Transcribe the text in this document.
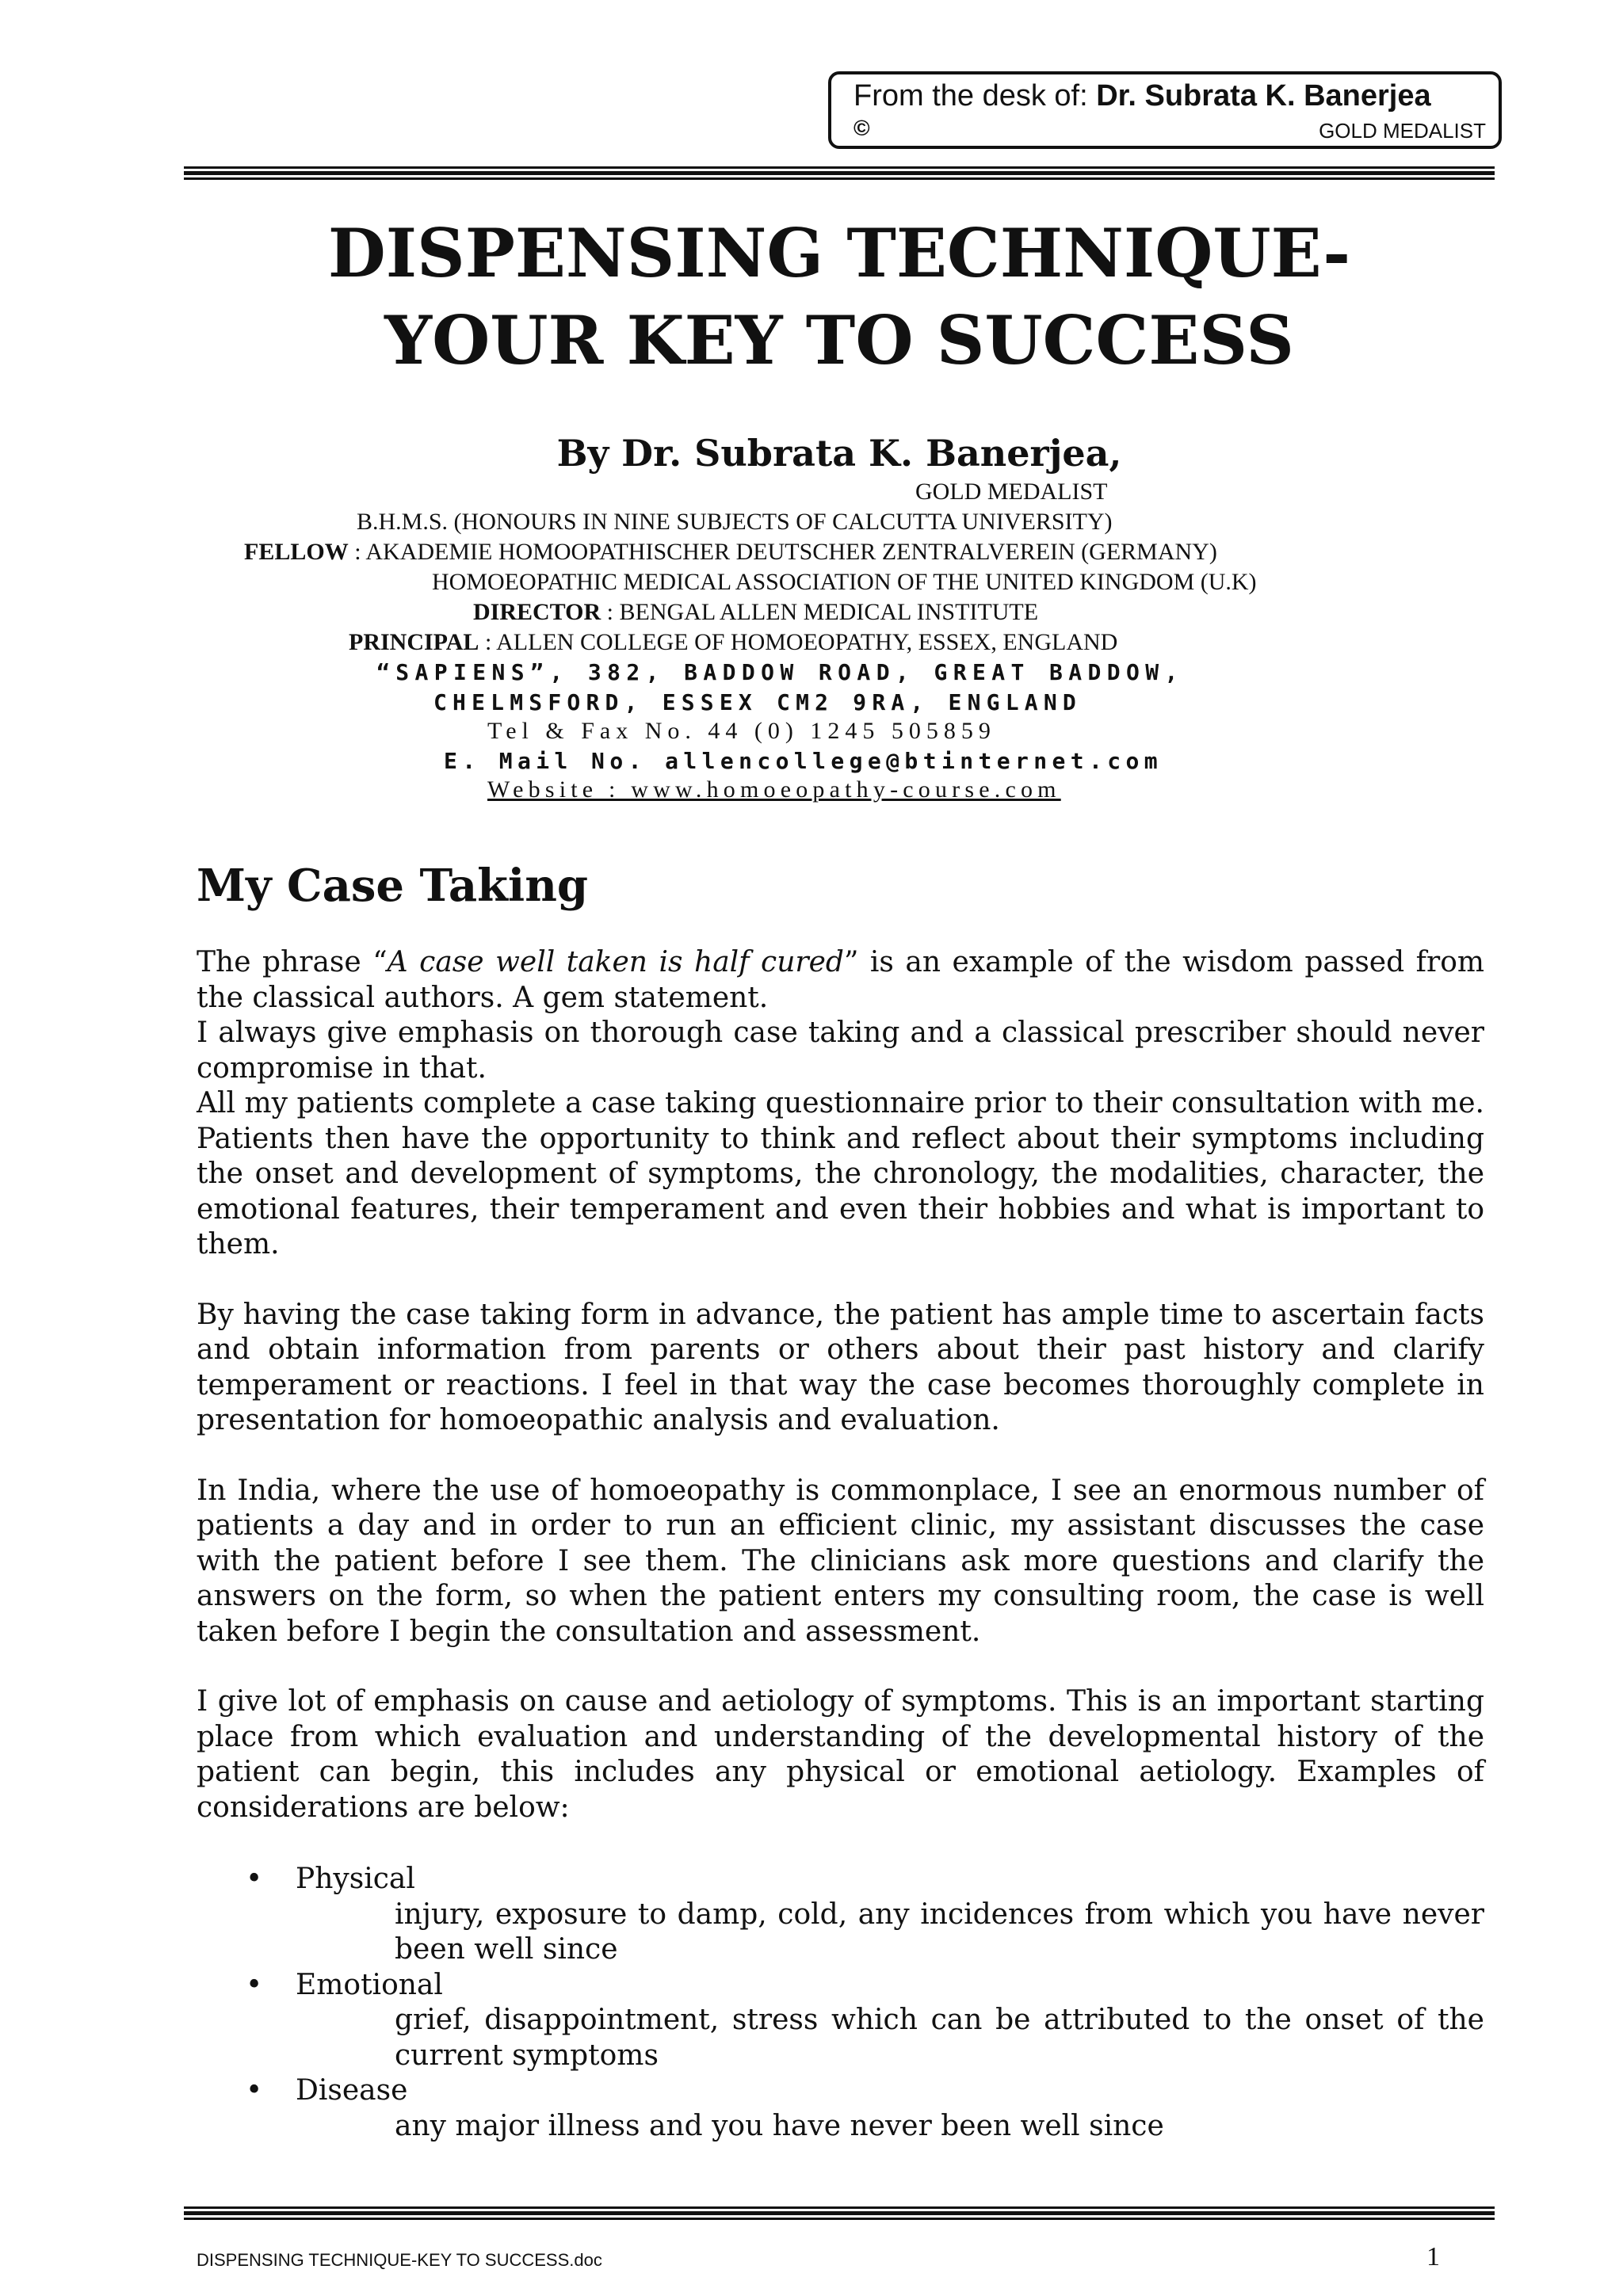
From the desk of: Dr. Subrata K. Banerjea
©	GOLD MEDALIST
DISPENSING TECHNIQUE-
YOUR KEY TO SUCCESS
By Dr. Subrata K. Banerjea,
GOLD MEDALIST
B.H.M.S. (HONOURS IN NINE SUBJECTS OF CALCUTTA UNIVERSITY)
FELLOW : AKADEMIE HOMOOPATHISCHER DEUTSCHER ZENTRALVEREIN (GERMANY)
HOMOEOPATHIC MEDICAL ASSOCIATION OF THE UNITED KINGDOM (U.K)
DIRECTOR : BENGAL ALLEN MEDICAL INSTITUTE
PRINCIPAL : ALLEN COLLEGE OF HOMOEOPATHY, ESSEX, ENGLAND
“SAPIENS”, 382, BADDOW ROAD, GREAT BADDOW,
CHELMSFORD, ESSEX CM2 9RA, ENGLAND
Tel & Fax No. 44 (0) 1245 505859
E. Mail No. allencollege@btinternet.com
Website : www.homoeopathy-course.com
My Case Taking

The phrase “A case well taken is half cured” is an example of the wisdom passed from the classical authors. A gem statement.

I always give emphasis on thorough case taking and a classical prescriber should never compromise in that.

All my patients complete a case taking questionnaire prior to their consultation with me. Patients then have the opportunity to think and reflect about their symptoms including the onset and development of symptoms, the chronology, the modalities, character, the emotional features, their temperament and even their hobbies and what is important to them.

By having the case taking form in advance, the patient has ample time to ascertain facts and obtain information from parents or others about their past history and clarify temperament or reactions. I feel in that way the case becomes thoroughly complete in presentation for homoeopathic analysis and evaluation.

In India, where the use of homoeopathy is commonplace, I see an enormous number of patients a day and in order to run an efficient clinic, my assistant discusses the case with the patient before I see them. The clinicians ask more questions and clarify the answers on the form, so when the patient enters my consulting room, the case is well taken before I begin the consultation and assessment.

I give lot of emphasis on cause and aetiology of symptoms. This is an important starting place from which evaluation and understanding of the developmental history of the patient can begin, this includes any physical or emotional aetiology. Examples of considerations are below:

• Physical
injury, exposure to damp, cold, any incidences from which you have never been well since
• Emotional
grief, disappointment, stress which can be attributed to the onset of the current symptoms
• Disease
any major illness and you have never been well since
DISPENSING TECHNIQUE-KEY TO SUCCESS.doc	1
